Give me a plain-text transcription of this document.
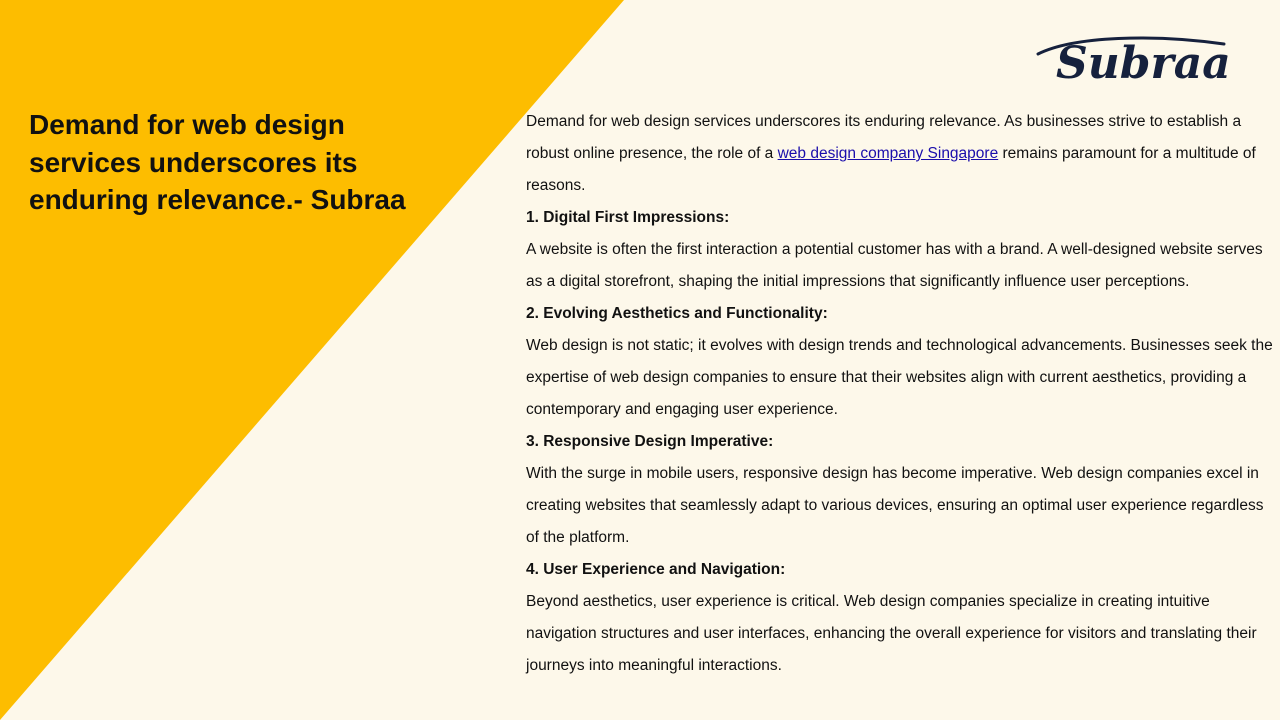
Demand for web design services underscores its enduring relevance.- Subraa
Subraa

Demand for web design services underscores its enduring relevance. As businesses strive to establish a robust online presence, the role of a web design company Singapore remains paramount for a multitude of reasons.

1. Digital First Impressions:

A website is often the first interaction a potential customer has with a brand. A well-designed website serves as a digital storefront, shaping the initial impressions that significantly influence user perceptions.

2. Evolving Aesthetics and Functionality:

Web design is not static; it evolves with design trends and technological advancements. Businesses seek the expertise of web design companies to ensure that their websites align with current aesthetics, providing a contemporary and engaging user experience.

3. Responsive Design Imperative:

With the surge in mobile users, responsive design has become imperative. Web design companies excel in creating websites that seamlessly adapt to various devices, ensuring an optimal user experience regardless of the platform.

4. User Experience and Navigation:

Beyond aesthetics, user experience is critical. Web design companies specialize in creating intuitive navigation structures and user interfaces, enhancing the overall experience for visitors and translating their journeys into meaningful interactions.
